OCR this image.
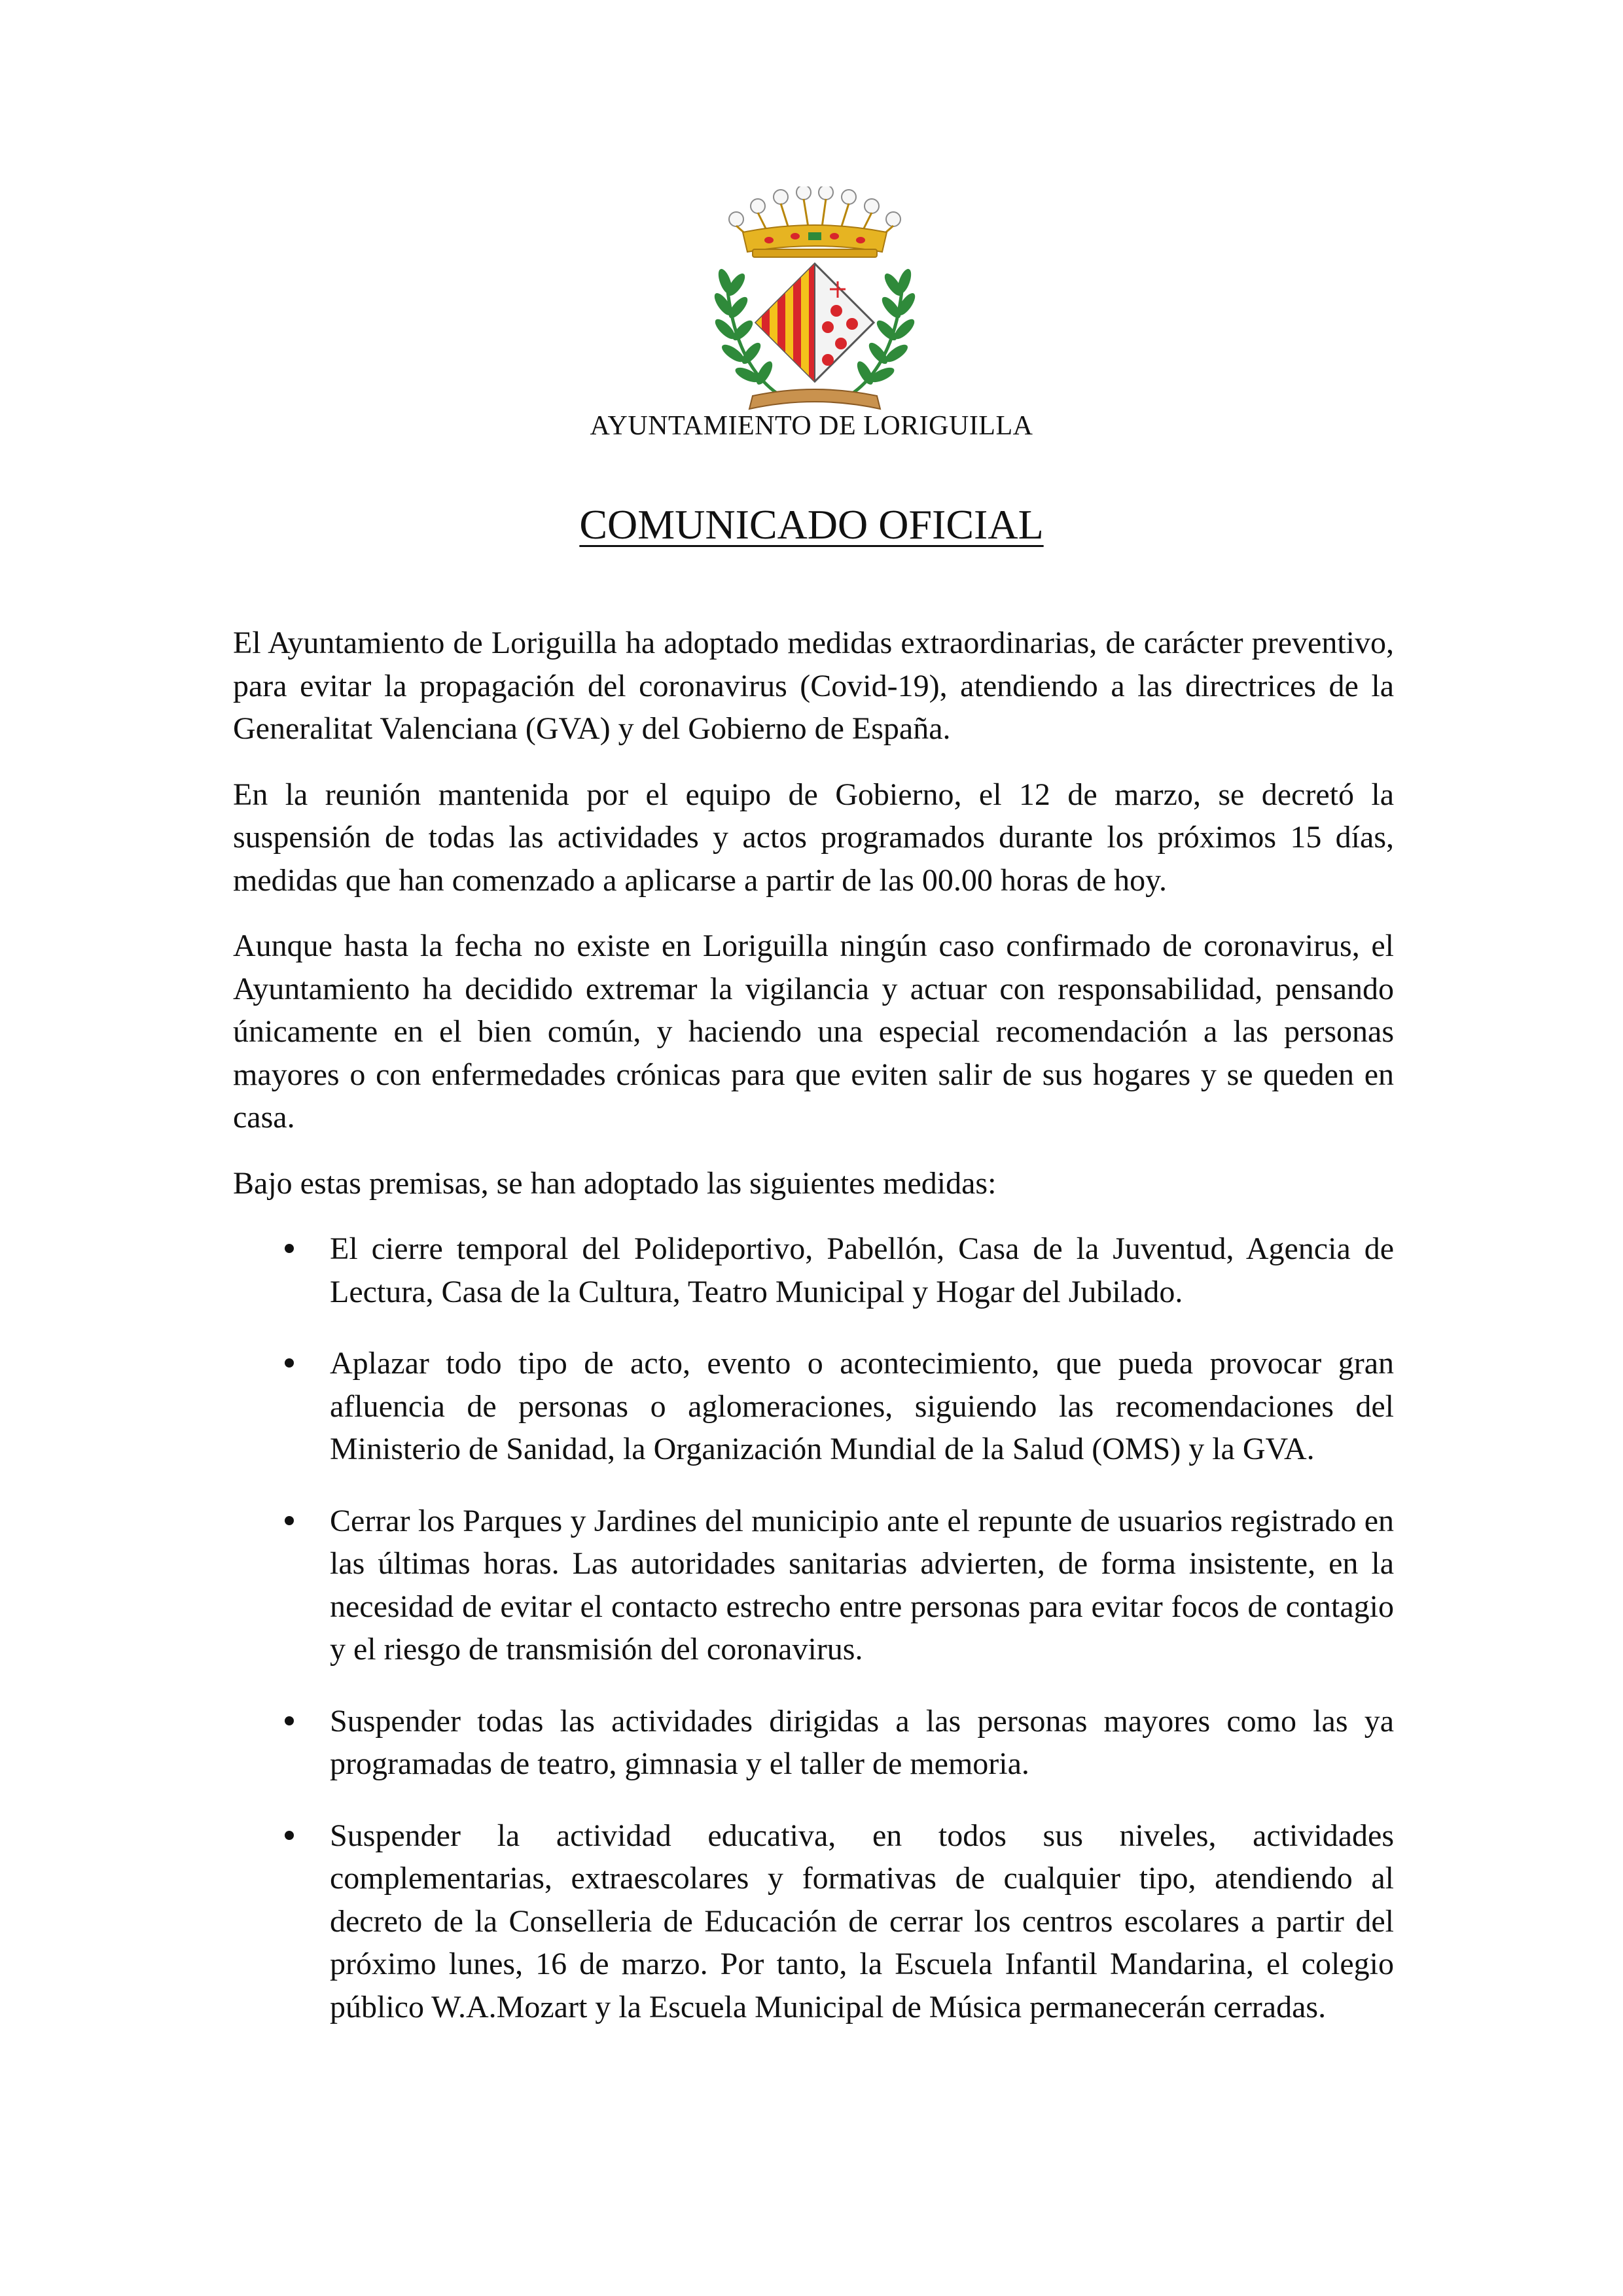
AYUNTAMIENTO DE LORIGUILLA
COMUNICADO OFICIAL

El Ayuntamiento de Loriguilla ha adoptado medidas extraordinarias, de carácter preventivo, para evitar la propagación del coronavirus (Covid-19), atendiendo a las directrices de la Generalitat Valenciana (GVA) y del Gobierno de España.

En la reunión mantenida por el equipo de Gobierno, el 12 de marzo, se decretó la suspensión de todas las actividades y actos programados durante los próximos 15 días, medidas que han comenzado a aplicarse a partir de las 00.00 horas de hoy.

Aunque hasta la fecha no existe en Loriguilla ningún caso confirmado de coronavirus, el Ayuntamiento ha decidido extremar la vigilancia y actuar con responsabilidad, pensando únicamente en el bien común, y haciendo una especial recomendación a las personas mayores o con enfermedades crónicas para que eviten salir de sus hogares y se queden en casa.

Bajo estas premisas, se han adoptado las siguientes medidas:

El cierre temporal del Polideportivo, Pabellón, Casa de la Juventud, Agencia de Lectura, Casa de la Cultura, Teatro Municipal y Hogar del Jubilado.
Aplazar todo tipo de acto, evento o acontecimiento, que pueda provocar gran afluencia de personas o aglomeraciones, siguiendo las recomendaciones del Ministerio de Sanidad, la Organización Mundial de la Salud (OMS) y la GVA.
Cerrar los Parques y Jardines del municipio ante el repunte de usuarios registrado en las últimas horas. Las autoridades sanitarias advierten, de forma insistente, en la necesidad de evitar el contacto estrecho entre personas para evitar focos de contagio y el riesgo de transmisión del coronavirus.
Suspender todas las actividades dirigidas a las personas mayores como las ya programadas de teatro, gimnasia y el taller de memoria.
Suspender la actividad educativa, en todos sus niveles, actividades complementarias, extraescolares y formativas de cualquier tipo, atendiendo al decreto de la Conselleria de Educación de cerrar los centros escolares a partir del próximo lunes, 16 de marzo. Por tanto, la Escuela Infantil Mandarina, el colegio público W.A.Mozart y la Escuela Municipal de Música permanecerán cerradas.
